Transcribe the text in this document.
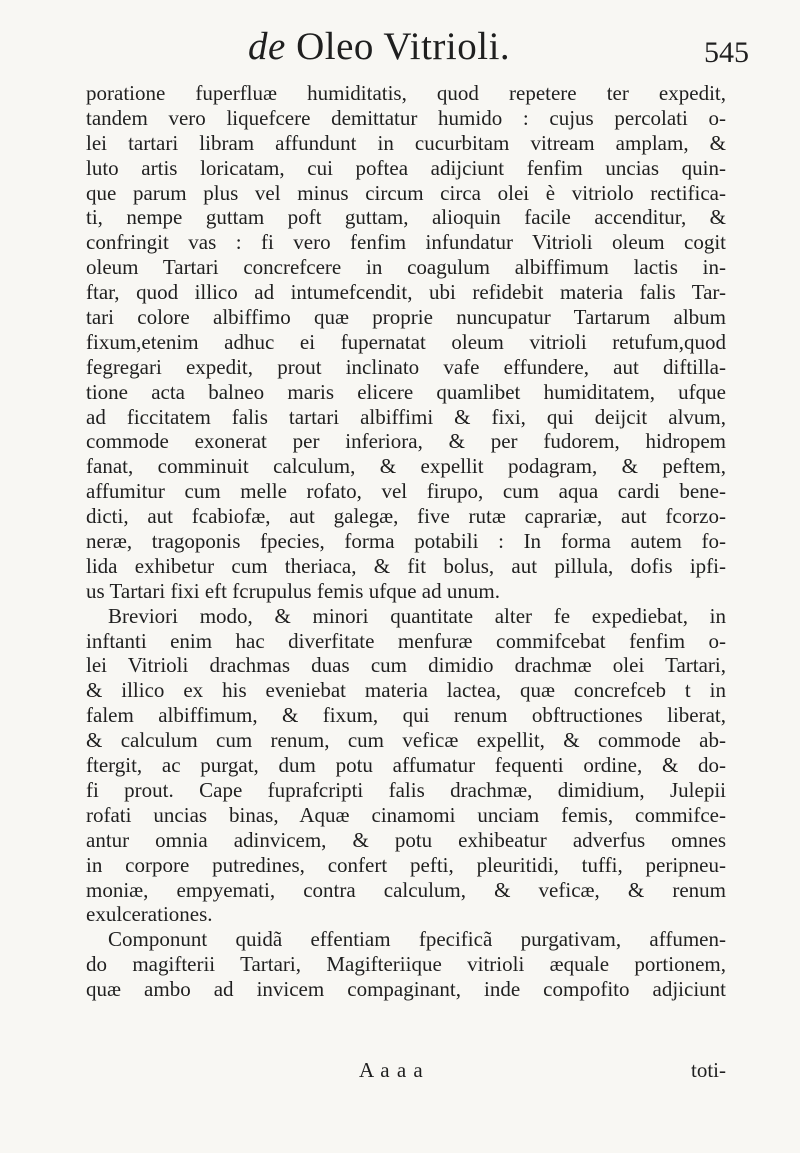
de Oleo Vitrioli.	545
poratione fuperfluæ humiditatis, quod repetere ter expedit,
tandem vero liquefcere demittatur humido : cujus percolati o-
lei tartari libram affundunt in cucurbitam vitream amplam, &
luto artis loricatam, cui poftea adijciunt fenfim uncias quin-
que parum plus vel minus circum circa olei è vitriolo rectifica-
ti, nempe guttam poft guttam, alioquin facile accenditur, &
confringit vas : fi vero fenfim infundatur Vitrioli oleum cogit
oleum Tartari concrefcere in coagulum albiffimum lactis in-
ftar, quod illico ad intumefcendit, ubi refidebit materia falis Tar-
tari colore albiffimo quæ proprie nuncupatur Tartarum album
fixum,etenim adhuc ei fupernatat oleum vitrioli retufum,quod
fegregari expedit, prout inclinato vafe effundere, aut diftilla-
tione acta balneo maris elicere quamlibet humiditatem, ufque
ad ficcitatem falis tartari albiffimi & fixi, qui deijcit alvum,
commode exonerat per inferiora, & per fudorem, hidropem
fanat, comminuit calculum, & expellit podagram, & peftem,
affumitur cum melle rofato, vel firupo, cum aqua cardi bene-
dicti, aut fcabiofæ, aut galegæ, five rutæ caprariæ, aut fcorzo-
neræ, tragoponis fpecies, forma potabili : In forma autem fo-
lida exhibetur cum theriaca, & fit bolus, aut pillula, dofis ipfi-
us Tartari fixi eft fcrupulus femis ufque ad unum.
Breviori modo, & minori quantitate alter fe expediebat, in
inftanti enim hac diverfitate menfuræ commifcebat fenfim o-
lei Vitrioli drachmas duas cum dimidio drachmæ olei Tartari,
& illico ex his eveniebat materia lactea, quæ concrefceb t in
falem albiffimum, & fixum, qui renum obftructiones liberat,
& calculum cum renum, cum veficæ expellit, & commode ab-
ftergit, ac purgat, dum potu affumatur fequenti ordine, & do-
fi prout. Cape fuprafcripti falis drachmæ, dimidium, Julepii
rofati uncias binas, Aquæ cinamomi unciam femis, commifce-
antur omnia adinvicem, & potu exhibeatur adverfus omnes
in corpore putredines, confert pefti, pleuritidi, tuffi, peripneu-
moniæ, empyemati, contra calculum, & veficæ, & renum
exulcerationes.
Componunt quidã effentiam fpecificã purgativam, affumen-
do magifterii Tartari, Magifteriique vitrioli æquale portionem,
quæ ambo ad invicem compaginant, inde compofito adjiciunt
A a a a	toti-
